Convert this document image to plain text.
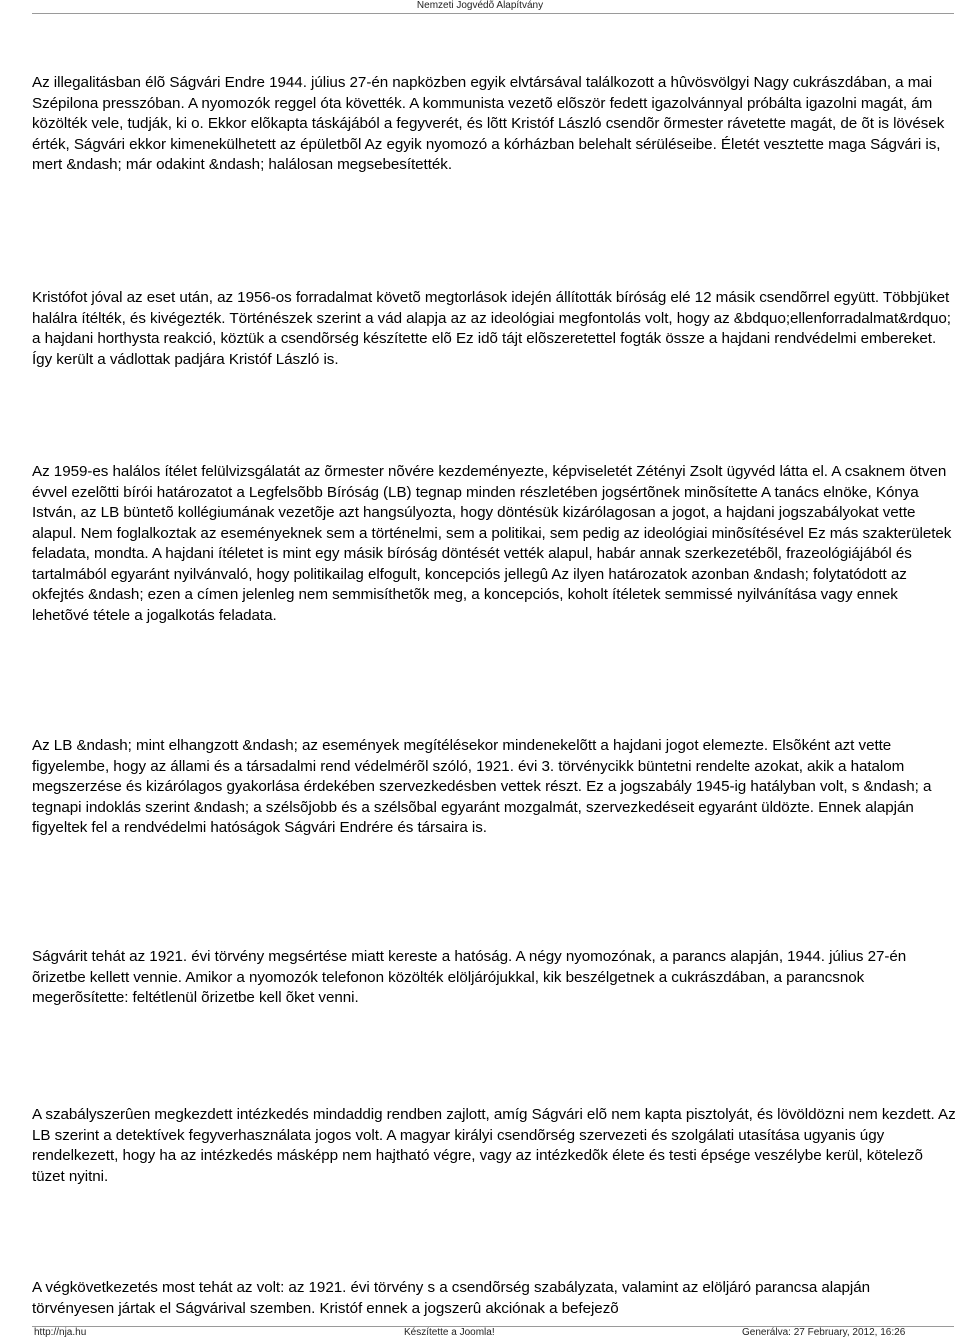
Nemzeti Jogvédõ Alapítvány

Az illegalitásban élõ Ságvári Endre 1944. július 27-én napközben egyik elvtársával találkozott a hûvösvölgyi Nagy cukrászdában, a mai Szépilona presszóban. A nyomozók reggel óta követték. A kommunista vezetõ elõször fedett igazolvánnyal próbálta igazolni magát, ám közölték vele, tudják, ki o. Ekkor elõkapta táskájából a fegyverét, és lõtt Kristóf László csendõr õrmester rávetette magát, de õt is lövések érték, Ságvári ekkor kimenekülhetett az épületbõl Az egyik nyomozó a kórházban belehalt sérüléseibe. Életét vesztette maga Ságvári is, mert &ndash; már odakint &ndash; halálosan megsebesítették.

Kristófot jóval az eset után, az 1956-os forradalmat követõ megtorlások idején állították bíróság elé 12 másik csendõrrel együtt. Többjüket halálra ítélték, és kivégezték. Történészek szerint a vád alapja az az ideológiai megfontolás volt, hogy az &bdquo;ellenforradalmat&rdquo; a hajdani horthysta reakció, köztük a csendõrség készítette elõ Ez idõ tájt elõszeretettel fogták össze a hajdani rendvédelmi embereket. Így került a vádlottak padjára Kristóf László is.

Az 1959-es halálos ítélet felülvizsgálatát az õrmester nõvére kezdeményezte, képviseletét Zétényi Zsolt ügyvéd látta el. A csaknem ötven évvel ezelõtti bírói határozatot a Legfelsõbb Bíróság (LB) tegnap minden részletében jogsértõnek minõsítette A tanács elnöke, Kónya István, az LB büntetõ kollégiumának vezetõje azt hangsúlyozta, hogy döntésük kizárólagosan a jogot, a hajdani jogszabályokat vette alapul. Nem foglalkoztak az eseményeknek sem a történelmi, sem a politikai, sem pedig az ideológiai minõsítésével Ez más szakterületek feladata, mondta. A hajdani ítéletet is mint egy másik bíróság döntését vették alapul, habár annak szerkezetébõl, frazeológiájából és tartalmából egyaránt nyilvánvaló, hogy politikailag elfogult, koncepciós jellegû Az ilyen határozatok azonban &ndash; folytatódott az okfejtés &ndash; ezen a címen jelenleg nem semmisíthetõk meg, a koncepciós, koholt ítéletek semmissé nyilvánítása vagy ennek lehetõvé tétele a jogalkotás feladata.

Az LB &ndash; mint elhangzott &ndash; az események megítélésekor mindenekelõtt a hajdani jogot elemezte. Elsõként azt vette figyelembe, hogy az állami és a társadalmi rend védelmérõl szóló, 1921. évi 3. törvénycikk büntetni rendelte azokat, akik a hatalom megszerzése és kizárólagos gyakorlása érdekében szervezkedésben vettek részt. Ez a jogszabály 1945-ig hatályban volt, s &ndash; a tegnapi indoklás szerint &ndash; a szélsõjobb és a szélsõbal egyaránt mozgalmát, szervezkedéseit egyaránt üldözte. Ennek alapján figyeltek fel a rendvédelmi hatóságok Ságvári Endrére és társaira is.

Ságvárit tehát az 1921. évi törvény megsértése miatt kereste a hatóság. A négy nyomozónak, a parancs alapján, 1944. július 27-én õrizetbe kellett vennie. Amikor a nyomozók telefonon közölték elöljárójukkal, kik beszélgetnek a cukrászdában, a parancsnok megerõsítette: feltétlenül õrizetbe kell õket venni.

A szabályszerûen megkezdett intézkedés mindaddig rendben zajlott, amíg Ságvári elõ nem kapta pisztolyát, és lövöldözni nem kezdett. Az LB szerint a detektívek fegyverhasználata jogos volt. A magyar királyi csendõrség szervezeti és szolgálati utasítása ugyanis úgy rendelkezett, hogy ha az intézkedés másképp nem hajtható végre, vagy az intézkedõk élete és testi épsége veszélybe kerül, kötelezõ tüzet nyitni.

A végkövetkezetés most tehát az volt: az 1921. évi törvény s a csendõrség szabályzata, valamint az elöljáró parancsa alapján törvényesen jártak el Ságvárival szemben. Kristóf ennek a jogszerû akciónak a befejezõ

http://nja.hu	Készítette a Joomla!	Generálva: 27 February, 2012, 16:26
